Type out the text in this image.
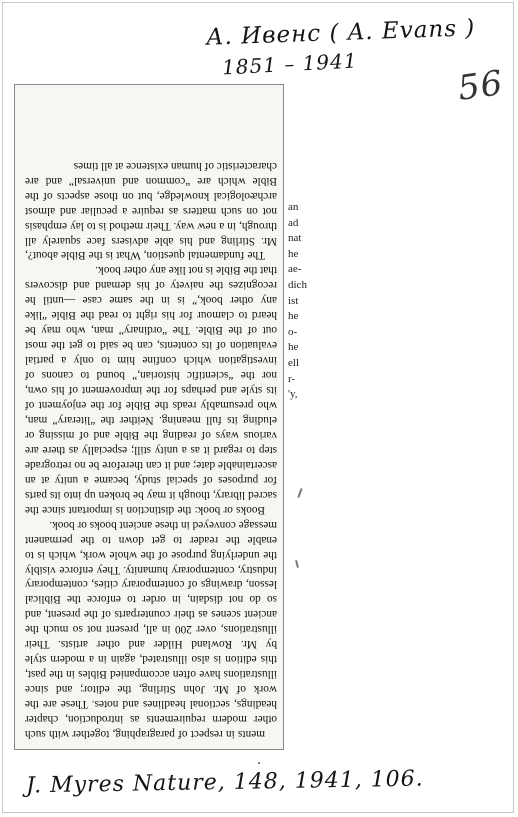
А. Ивенс ( A. Evans )
1851 – 1941	56

ments in respect of paragraphing, together with such other modern requirements as introduction, chapter headings, sectional headlines and notes. These are the work of Mr. John Stirling, the editor; and since illustrations have often accompanied Bibles in the past, this edition is also illustrated, again in a modern style by Mr. Rowland Hilder and other artists. Their illustrations, over 200 in all, present not so much the ancient scenes as their counterparts of the present, and so do not disdain, in order to enforce the Biblical lesson, drawings of contemporary cities, contemporary industry, contemporary humanity. They enforce visibly the underlying purpose of the whole work, which is to enable the reader to get down to the permanent message conveyed in these ancient books or book.

Books or book: the distinction is important since the sacred library, though it may be broken up into its parts for purposes of special study, became a unity at an ascertainable date; and it can therefore be no retrograde step to regard it as a unity still; especially as there are various ways of reading the Bible and of missing or eluding its full meaning. Neither the “literary” man, who presumably reads the Bible for the enjoyment of its style and perhaps for the improvement of his own, nor the “scientific historian,” bound to canons of investigation which confine him to only a partial evaluation of its contents, can be said to get the most out of the Bible. The “ordinary” man, who may be heard to clamour for his right to read the Bible “like any other book,” is in the same case —until he recognizes the naivety of his demand and discovers that the Bible is not like any other book.

The fundamental question, What is the Bible about?, Mr. Stirling and his able advisers face squarely all through, in a new way. Their method is to lay emphasis not on such matters as require a peculiar and almost archæological knowledge, but on those aspects of the Bible which are “common and universal” and are characteristic of human existence at all times

an
ad
nat
he
ae-
dich
ist
he
o-
he
ell
r-
'y,
J. Myres Nature, 148, 1941, 106.
